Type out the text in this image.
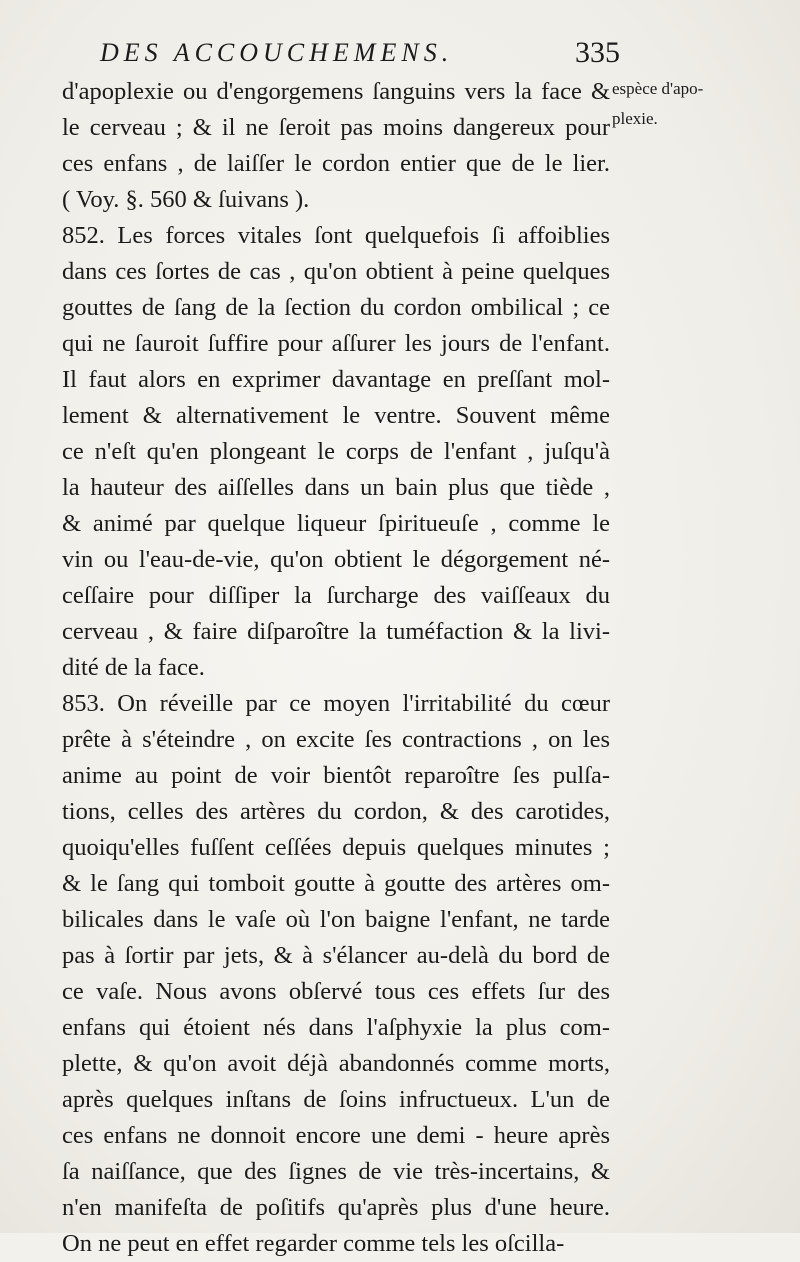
DES ACCOUCHEMENS.	335
d'apoplexie ou d'engorgemens ſanguins vers la face &
le cerveau ; & il ne ſeroit pas moins dangereux pour
ces enfans , de laiſſer le cordon entier que de le lier.
( Voy. §. 560 & ſuivans ).
852. Les forces vitales ſont quelquefois ſi affoiblies
dans ces ſortes de cas , qu'on obtient à peine quelques
gouttes de ſang de la ſection du cordon ombilical ; ce
qui ne ſauroit ſuffire pour aſſurer les jours de l'enfant.
Il faut alors en exprimer davantage en preſſant mol-
lement & alternativement le ventre. Souvent même
ce n'eſt qu'en plongeant le corps de l'enfant , juſqu'à
la hauteur des aiſſelles dans un bain plus que tiède ,
& animé par quelque liqueur ſpiritueuſe , comme le
vin ou l'eau-de-vie, qu'on obtient le dégorgement né-
ceſſaire pour diſſiper la ſurcharge des vaiſſeaux du
cerveau , & faire diſparoître la tuméfaction & la livi-
dité de la face.
853. On réveille par ce moyen l'irritabilité du cœur
prête à s'éteindre , on excite ſes contractions , on les
anime au point de voir bientôt reparoître ſes pulſa-
tions, celles des artères du cordon, & des carotides,
quoiqu'elles fuſſent ceſſées depuis quelques minutes ;
& le ſang qui tomboit goutte à goutte des artères om-
bilicales dans le vaſe où l'on baigne l'enfant, ne tarde
pas à ſortir par jets, & à s'élancer au-delà du bord de
ce vaſe. Nous avons obſervé tous ces effets ſur des
enfans qui étoient nés dans l'aſphyxie la plus com-
plette, & qu'on avoit déjà abandonnés comme morts,
après quelques inſtans de ſoins infructueux. L'un de
ces enfans ne donnoit encore une demi - heure après
ſa naiſſance, que des ſignes de vie très-incertains, &
n'en manifeſta de poſitifs qu'après plus d'une heure.
On ne peut en effet regarder comme tels les oſcilla-
espèce d'apo-
plexie.
